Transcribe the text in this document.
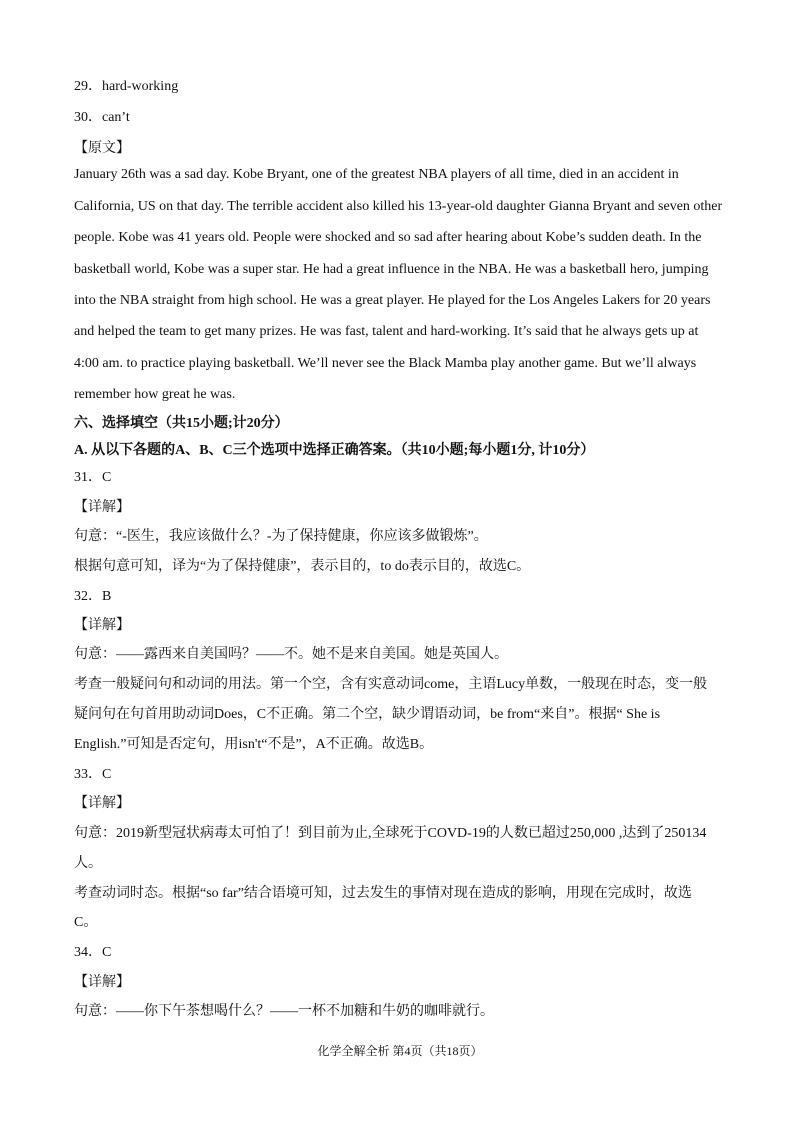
29．hard-working
30．can’t
【原文】
January 26th was a sad day. Kobe Bryant, one of the greatest NBA players of all time, died in an accident in
California, US on that day. The terrible accident also killed his 13-year-old daughter Gianna Bryant and seven other
people. Kobe was 41 years old. People were shocked and so sad after hearing about Kobe’s sudden death. In the
basketball world, Kobe was a super star. He had a great influence in the NBA. He was a basketball hero, jumping
into the NBA straight from high school. He was a great player. He played for the Los Angeles Lakers for 20 years
and helped the team to get many prizes. He was fast, talent and hard-working. It’s said that he always gets up at
4:00 am. to practice playing basketball. We’ll never see the Black Mamba play another game. But we’ll always
remember how great he was.
六、选择填空（共15小题;计20分）
A. 从以下各题的A、B、C三个选项中选择正确答案。（共10小题;每小题1分, 计10分）
31．C
【详解】
句意：“-医生，我应该做什么？-为了保持健康，你应该多做锻炼”。
根据句意可知，译为“为了保持健康”，表示目的，to do表示目的，故选C。
32．B
【详解】
句意：——露西来自美国吗？——不。她不是来自美国。她是英国人。
考查一般疑问句和动词的用法。第一个空，含有实意动词come，主语Lucy单数，一般现在时态，变一般
疑问句在句首用助动词Does，C不正确。第二个空，缺少谓语动词，be from“来自”。根据“ She is
English.”可知是否定句，用isn't“不是”，A不正确。故选B。
33．C
【详解】
句意：2019新型冠状病毒太可怕了！到目前为止,全球死于COVD-19的人数已超过250,000 ,达到了250134
人。
考查动词时态。根据“so far”结合语境可知，过去发生的事情对现在造成的影响，用现在完成时，故选
C。
34．C
【详解】
句意：——你下午茶想喝什么？——一杯不加糖和牛奶的咖啡就行。
化学全解全析 第4页（共18页）
